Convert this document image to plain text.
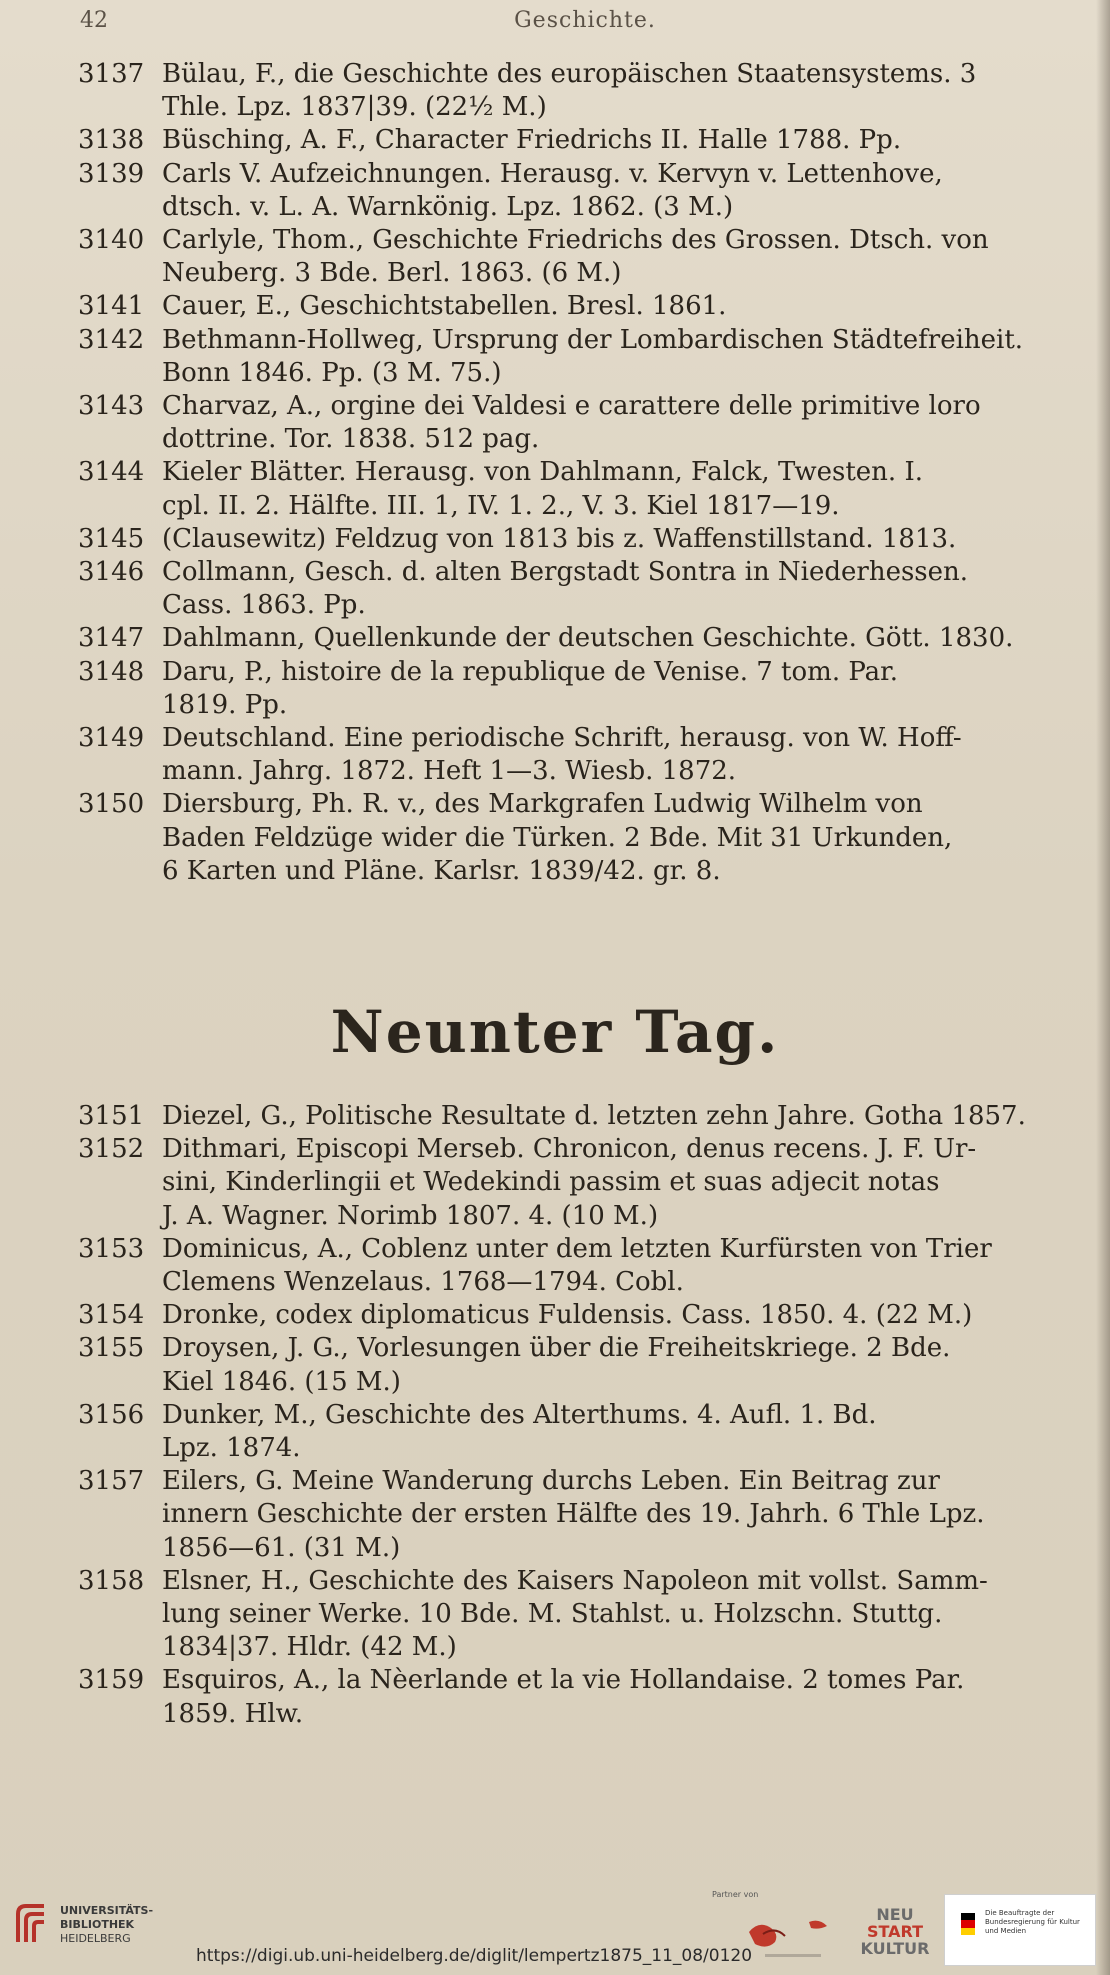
42	Geschichte.
3137 Bülau, F., die Geschichte des europäischen Staatensystems. 3
Thle. Lpz. 1837|39. (22½ M.)
3138 Büsching, A. F., Character Friedrichs II. Halle 1788. Pp.
3139 Carls V. Aufzeichnungen. Herausg. v. Kervyn v. Lettenhove,
dtsch. v. L. A. Warnkönig. Lpz. 1862. (3 M.)
3140 Carlyle, Thom., Geschichte Friedrichs des Grossen. Dtsch. von
Neuberg. 3 Bde. Berl. 1863. (6 M.)
3141 Cauer, E., Geschichtstabellen. Bresl. 1861.
3142 Bethmann-Hollweg, Ursprung der Lombardischen Städtefreiheit.
Bonn 1846. Pp. (3 M. 75.)
3143 Charvaz, A., orgine dei Valdesi e carattere delle primitive loro
dottrine. Tor. 1838. 512 pag.
3144 Kieler Blätter. Herausg. von Dahlmann, Falck, Twesten. I.
cpl. II. 2. Hälfte. III. 1, IV. 1. 2., V. 3. Kiel 1817—19.
3145 (Clausewitz) Feldzug von 1813 bis z. Waffenstillstand. 1813.
3146 Collmann, Gesch. d. alten Bergstadt Sontra in Niederhessen.
Cass. 1863. Pp.
3147 Dahlmann, Quellenkunde der deutschen Geschichte. Gött. 1830.
3148 Daru, P., histoire de la republique de Venise. 7 tom. Par.
1819. Pp.
3149 Deutschland. Eine periodische Schrift, herausg. von W. Hoff-
mann. Jahrg. 1872. Heft 1—3. Wiesb. 1872.
3150 Diersburg, Ph. R. v., des Markgrafen Ludwig Wilhelm von
Baden Feldzüge wider die Türken. 2 Bde. Mit 31 Urkunden,
6 Karten und Pläne. Karlsr. 1839/42. gr. 8.
Neunter Tag.
3151 Diezel, G., Politische Resultate d. letzten zehn Jahre. Gotha 1857.
3152 Dithmari, Episcopi Merseb. Chronicon, denus recens. J. F. Ur-
sini, Kinderlingii et Wedekindi passim et suas adjecit notas
J. A. Wagner. Norimb 1807. 4. (10 M.)
3153 Dominicus, A., Coblenz unter dem letzten Kurfürsten von Trier
Clemens Wenzelaus. 1768—1794. Cobl.
3154 Dronke, codex diplomaticus Fuldensis. Cass. 1850. 4. (22 M.)
3155 Droysen, J. G., Vorlesungen über die Freiheitskriege. 2 Bde.
Kiel 1846. (15 M.)
3156 Dunker, M., Geschichte des Alterthums. 4. Aufl. 1. Bd.
Lpz. 1874.
3157 Eilers, G. Meine Wanderung durchs Leben. Ein Beitrag zur
innern Geschichte der ersten Hälfte des 19. Jahrh. 6 Thle Lpz.
1856—61. (31 M.)
3158 Elsner, H., Geschichte des Kaisers Napoleon mit vollst. Samm-
lung seiner Werke. 10 Bde. M. Stahlst. u. Holzschn. Stuttg.
1834|37. Hldr. (42 M.)
3159 Esquiros, A., la Nèerlande et la vie Hollandaise. 2 tomes Par.
1859. Hlw.
UNIVERSITÄTS-
BIBLIOTHEK
HEIDELBERG
Partner von
NEU
START
KULTUR
Die Beauftragte der Bundesregierung für Kultur und Medien
https://digi.ub.uni-heidelberg.de/diglit/lempertz1875_11_08/0120
